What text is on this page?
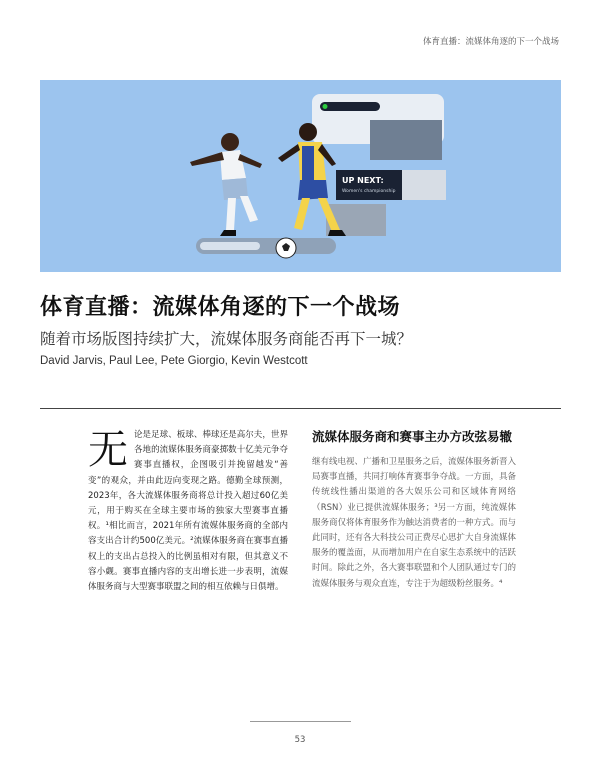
体育直播：流媒体角逐的下一个战场
UP NEXT:
Women's championship
体育直播：流媒体角逐的下一个战场
随着市场版图持续扩大，流媒体服务商能否再下一城？
David Jarvis, Paul Lee, Pete Giorgio, Kevin Westcott
无 论是足球、板球、棒球还是高尔夫，世界各地的流媒体服务商豪掷数十亿美元争夺赛事直播权，企图吸引并挽留越发“善变”的观众，并由此迈向变现之路。德勤全球预测，2023年，各大流媒体服务商将总计投入超过60亿美元，用于购买在全球主要市场的独家大型赛事直播权。¹相比而言，2021年所有流媒体服务商的全部内容支出合计约500亿美元。²流媒体服务商在赛事直播权上的支出占总投入的比例虽相对有限，但其意义不容小觑。赛事直播内容的支出增长进一步表明，流媒体服务商与大型赛事联盟之间的相互依赖与日俱增。
流媒体服务商和赛事主办方改弦易辙

继有线电视、广播和卫星服务之后，流媒体服务新晋入局赛事直播，共同打响体育赛事争夺战。一方面，具备传统线性播出渠道的各大娱乐公司和区域体育网络（RSN）业已提供流媒体服务；³另一方面，纯流媒体服务商仅将体育服务作为触达消费者的一种方式。而与此同时，还有各大科技公司正费尽心思扩大自身流媒体服务的覆盖面，从而增加用户在自家生态系统中的活跃时间。除此之外，各大赛事联盟和个人团队通过专门的流媒体服务与观众直连，专注于为超级粉丝服务。⁴

53
